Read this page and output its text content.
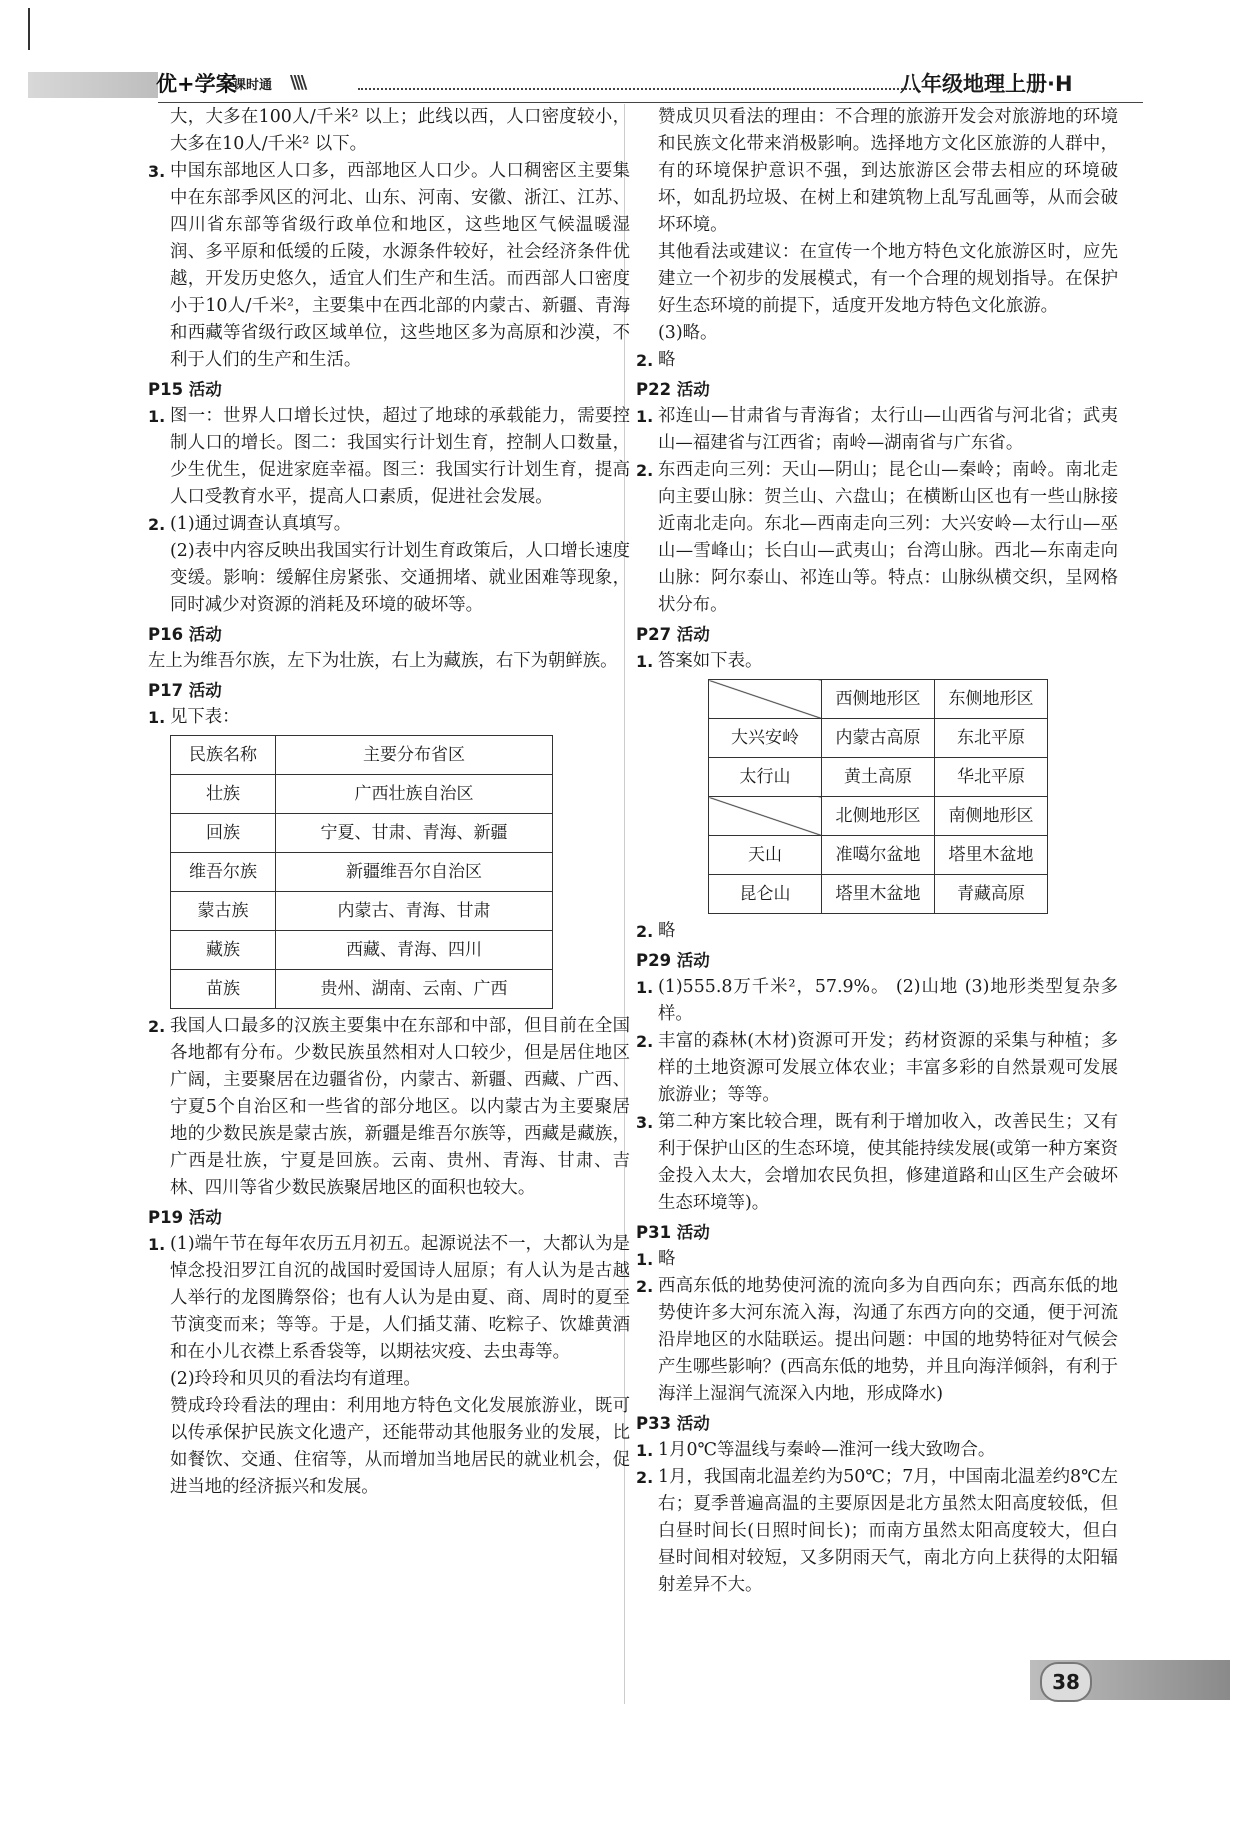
优+学案
·课时通 \\\\	八年级地理上册·H

大，大多在100人/千米² 以上；此线以西，人口密度较小，大多在10人/千米² 以下。

3. 中国东部地区人口多，西部地区人口少。人口稠密区主要集中在东部季风区的河北、山东、河南、安徽、浙江、江苏、四川省东部等省级行政单位和地区，这些地区气候温暖湿润、多平原和低缓的丘陵，水源条件较好，社会经济条件优越，开发历史悠久，适宜人们生产和生活。而西部人口密度小于10人/千米²，主要集中在西北部的内蒙古、新疆、青海和西藏等省级行政区域单位，这些地区多为高原和沙漠，不利于人们的生产和生活。
P15 活动
1. 图一：世界人口增长过快，超过了地球的承载能力，需要控制人口的增长。图二：我国实行计划生育，控制人口数量，少生优生，促进家庭幸福。图三：我国实行计划生育，提高人口受教育水平，提高人口素质，促进社会发展。
2. (1)通过调查认真填写。

(2)表中内容反映出我国实行计划生育政策后，人口增长速度变缓。影响：缓解住房紧张、交通拥堵、就业困难等现象，同时减少对资源的消耗及环境的破坏等。

P16 活动

左上为维吾尔族，左下为壮族，右上为藏族，右下为朝鲜族。

P17 活动
1. 见下表：
民族名称	主要分布省区
壮族	广西壮族自治区
回族	宁夏、甘肃、青海、新疆
维吾尔族	新疆维吾尔自治区
蒙古族	内蒙古、青海、甘肃
藏族	西藏、青海、四川
苗族	贵州、湖南、云南、广西
2. 我国人口最多的汉族主要集中在东部和中部，但目前在全国各地都有分布。少数民族虽然相对人口较少，但是居住地区广阔，主要聚居在边疆省份，内蒙古、新疆、西藏、广西、宁夏5个自治区和一些省的部分地区。以内蒙古为主要聚居地的少数民族是蒙古族，新疆是维吾尔族等，西藏是藏族，广西是壮族，宁夏是回族。云南、贵州、青海、甘肃、吉林、四川等省少数民族聚居地区的面积也较大。
P19 活动
1. (1)端午节在每年农历五月初五。起源说法不一，大都认为是悼念投汨罗江自沉的战国时爱国诗人屈原；有人认为是古越人举行的龙图腾祭俗；也有人认为是由夏、商、周时的夏至节演变而来；等等。于是，人们插艾蒲、吃粽子、饮雄黄酒和在小儿衣襟上系香袋等，以期祛灾疫、去虫毒等。

(2)玲玲和贝贝的看法均有道理。

赞成玲玲看法的理由：利用地方特色文化发展旅游业，既可以传承保护民族文化遗产，还能带动其他服务业的发展，比如餐饮、交通、住宿等，从而增加当地居民的就业机会，促进当地的经济振兴和发展。

赞成贝贝看法的理由：不合理的旅游开发会对旅游地的环境和民族文化带来消极影响。选择地方文化区旅游的人群中，有的环境保护意识不强，到达旅游区会带去相应的环境破坏，如乱扔垃圾、在树上和建筑物上乱写乱画等，从而会破坏环境。

其他看法或建议：在宣传一个地方特色文化旅游区时，应先建立一个初步的发展模式，有一个合理的规划指导。在保护好生态环境的前提下，适度开发地方特色文化旅游。

(3)略。

2. 略
P22 活动
1. 祁连山—甘肃省与青海省；太行山—山西省与河北省；武夷山—福建省与江西省；南岭—湖南省与广东省。
2. 东西走向三列：天山—阴山；昆仑山—秦岭；南岭。南北走向主要山脉：贺兰山、六盘山；在横断山区也有一些山脉接近南北走向。东北—西南走向三列：大兴安岭—太行山—巫山—雪峰山；长白山—武夷山；台湾山脉。西北—东南走向山脉：阿尔泰山、祁连山等。特点：山脉纵横交织，呈网格状分布。
P27 活动
1. 答案如下表。
	西侧地形区	东侧地形区
大兴安岭	内蒙古高原	东北平原
太行山	黄土高原	华北平原
	北侧地形区	南侧地形区
天山	准噶尔盆地	塔里木盆地
昆仑山	塔里木盆地	青藏高原
2. 略
P29 活动
1. (1)555.8万千米²，57.9%。 (2)山地 (3)地形类型复杂多样。
2. 丰富的森林(木材)资源可开发；药材资源的采集与种植；多样的土地资源可发展立体农业；丰富多彩的自然景观可发展旅游业；等等。
3. 第二种方案比较合理，既有利于增加收入，改善民生；又有利于保护山区的生态环境，使其能持续发展(或第一种方案资金投入太大，会增加农民负担，修建道路和山区生产会破坏生态环境等)。
P31 活动
1. 略
2. 西高东低的地势使河流的流向多为自西向东；西高东低的地势使许多大河东流入海，沟通了东西方向的交通，便于河流沿岸地区的水陆联运。提出问题：中国的地势特征对气候会产生哪些影响？(西高东低的地势，并且向海洋倾斜，有利于海洋上湿润气流深入内地，形成降水)
P33 活动
1. 1月0℃等温线与秦岭—淮河一线大致吻合。
2. 1月，我国南北温差约为50℃；7月，中国南北温差约8℃左右；夏季普遍高温的主要原因是北方虽然太阳高度较低，但白昼时间长(日照时间长)；而南方虽然太阳高度较大，但白昼时间相对较短，又多阴雨天气，南北方向上获得的太阳辐射差异不大。
38
